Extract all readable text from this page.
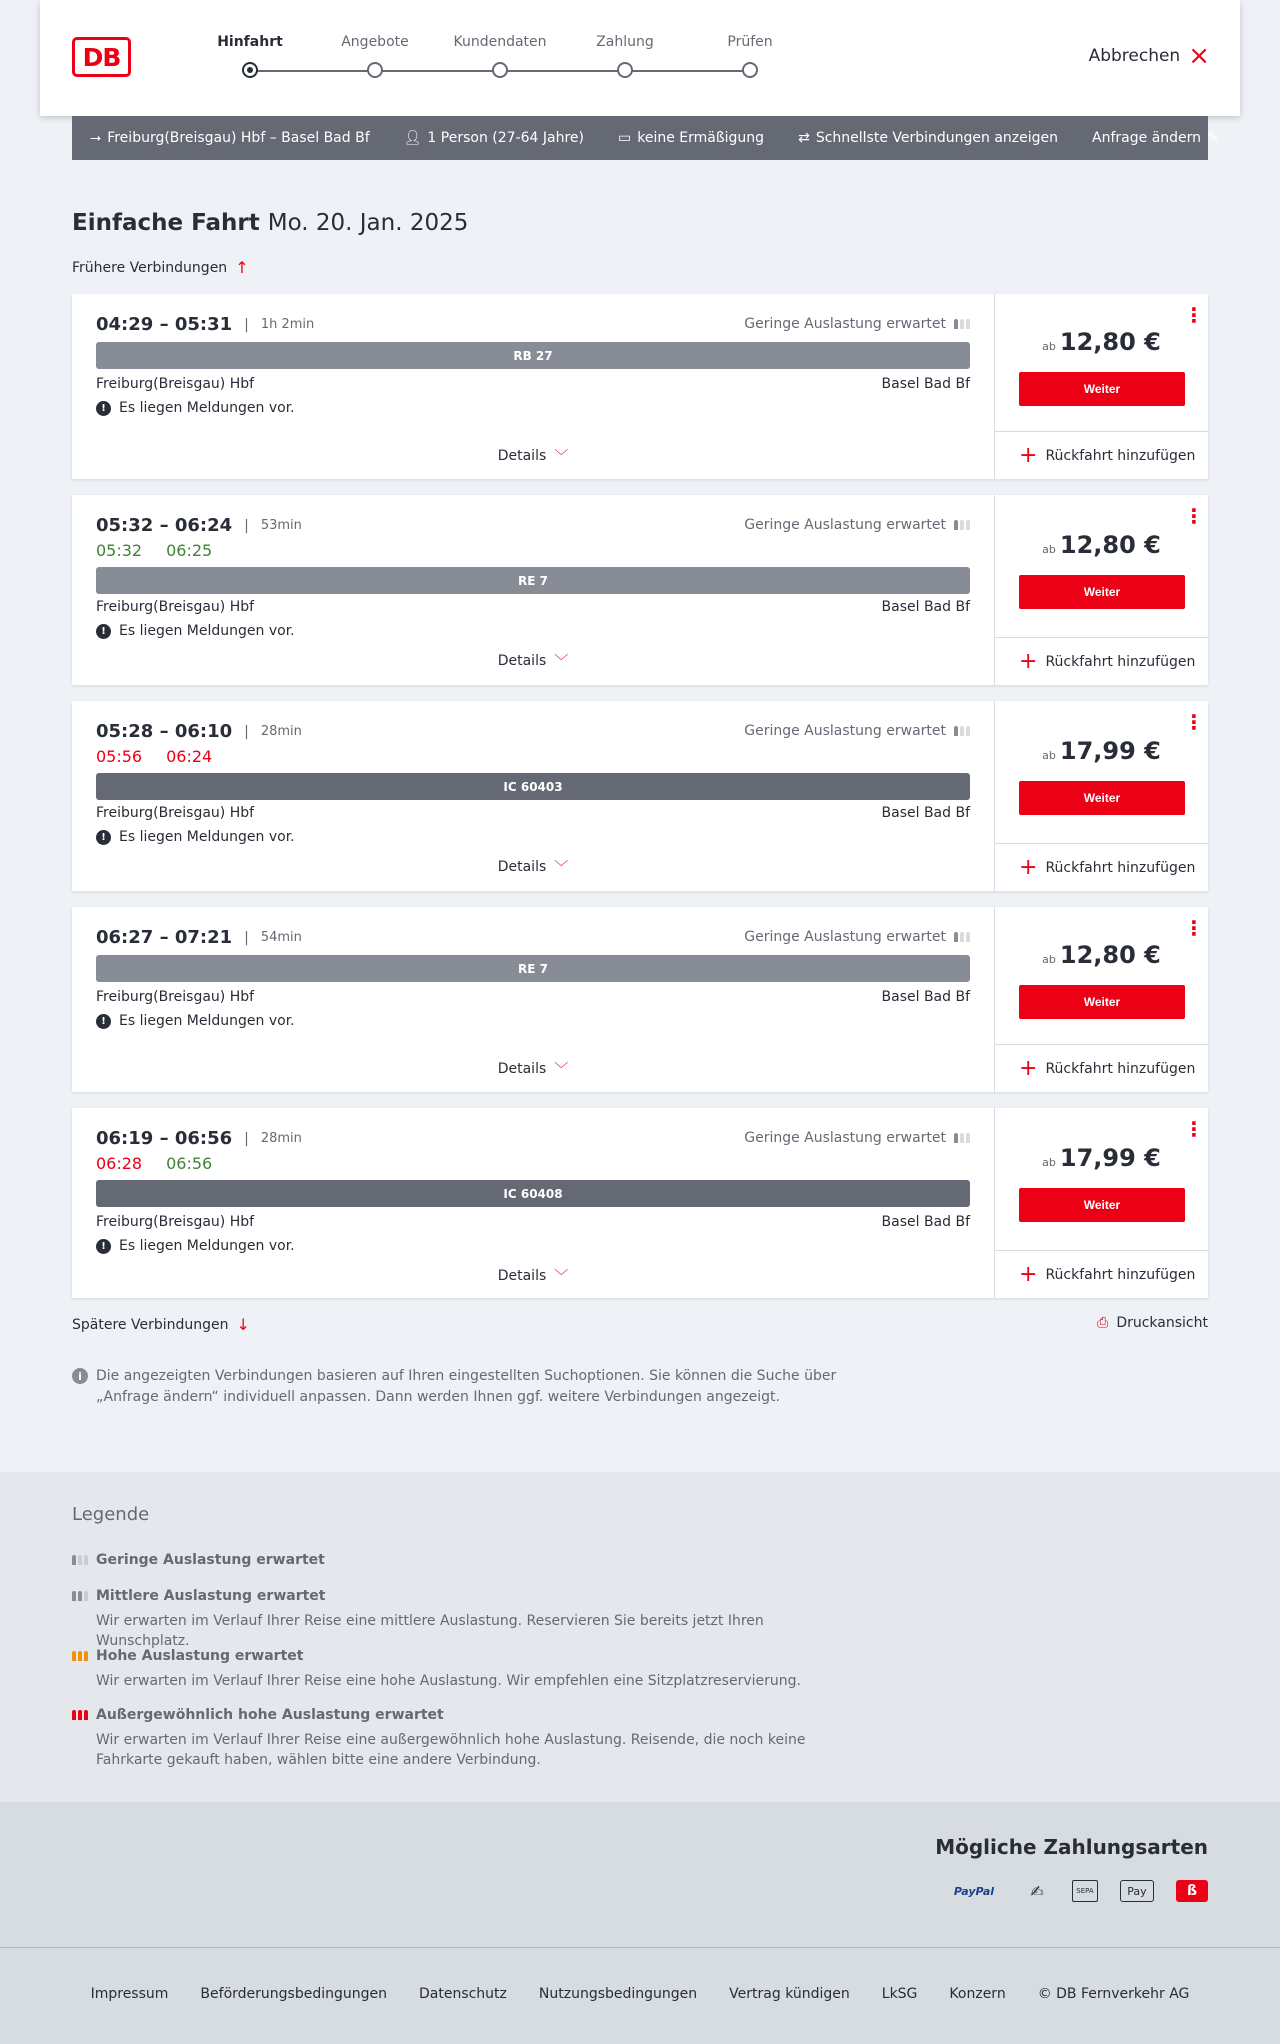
DB
Hinfahrt	Angebote	Kundendaten	Zahlung	Prüfen
Abbrechen ×
⭢ Freiburg(Breisgau) Hbf – Basel Bad Bf 👤︎ 1 Person (27-64 Jahre) ▭ keine Ermäßigung ⇄ Schnellste Verbindungen anzeigen Anfrage ändern ✎
Einfache Fahrt Mo. 20. Jan. 2025
Frühere Verbindungen ↑
04:29 – 05:31 | 1h 2min	Geringe Auslastung erwartet
RB 27
Freiburg(Breisgau) Hbf	Basel Bad Bf
! Es liegen Meldungen vor.
Details ﹀
⋮
ab 12,80 €
Weiter
+ Rückfahrt hinzufügen
05:32 – 06:24 | 53min
05:32 06:25
Geringe Auslastung erwartet
RE 7
Freiburg(Breisgau) Hbf	Basel Bad Bf
! Es liegen Meldungen vor.
Details ﹀
⋮
ab 12,80 €
Weiter
+ Rückfahrt hinzufügen
05:28 – 06:10 | 28min
05:56 06:24
Geringe Auslastung erwartet
IC 60403
Freiburg(Breisgau) Hbf	Basel Bad Bf
! Es liegen Meldungen vor.
Details ﹀
⋮
ab 17,99 €
Weiter
+ Rückfahrt hinzufügen
06:27 – 07:21 | 54min	Geringe Auslastung erwartet
RE 7
Freiburg(Breisgau) Hbf	Basel Bad Bf
! Es liegen Meldungen vor.
Details ﹀
⋮
ab 12,80 €
Weiter
+ Rückfahrt hinzufügen
06:19 – 06:56 | 28min
06:28 06:56
Geringe Auslastung erwartet
IC 60408
Freiburg(Breisgau) Hbf	Basel Bad Bf
! Es liegen Meldungen vor.
Details ﹀
⋮
ab 17,99 €
Weiter
+ Rückfahrt hinzufügen
Spätere Verbindungen ↓	⎙ Druckansicht
i	Die angezeigten Verbindungen basieren auf Ihren eingestellten Suchoptionen. Sie können die Suche über „Anfrage ändern“ individuell anpassen. Dann werden Ihnen ggf. weitere Verbindungen angezeigt.
Legende
Geringe Auslastung erwartet
Mittlere Auslastung erwartet
Wir erwarten im Verlauf Ihrer Reise eine mittlere Auslastung. Reservieren Sie bereits jetzt Ihren Wunschplatz.
Hohe Auslastung erwartet
Wir erwarten im Verlauf Ihrer Reise eine hohe Auslastung. Wir empfehlen eine Sitzplatzreservierung.
Außergewöhnlich hohe Auslastung erwartet
Wir erwarten im Verlauf Ihrer Reise eine außergewöhnlich hohe Auslastung. Reisende, die noch keine Fahrkarte gekauft haben, wählen bitte eine andere Verbindung.
Mögliche Zahlungsarten
PayPal	✍	SEPA	Pay	ß
Impressum Beförderungsbedingungen Datenschutz Nutzungsbedingungen Vertrag kündigen LkSG Konzern © DB Fernverkehr AG
